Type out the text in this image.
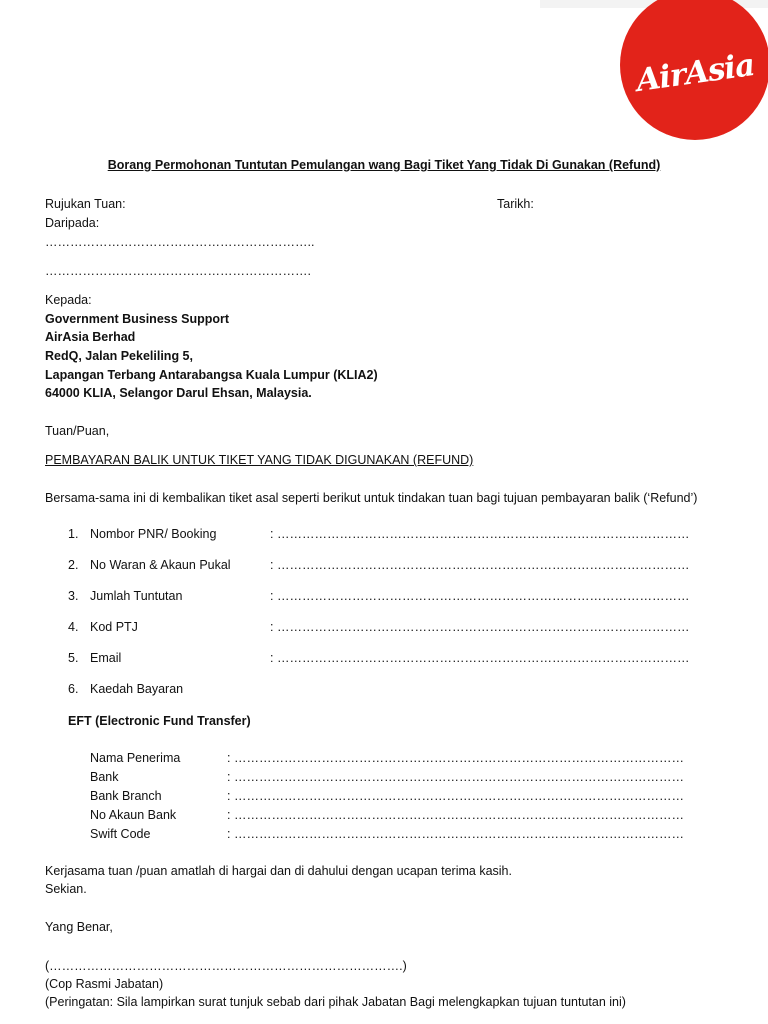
AirAsia
Borang Permohonan Tuntutan Pemulangan wang Bagi Tiket Yang Tidak Di Gunakan (Refund)
Rujukan Tuan:	Tarikh:
Daripada:
………………………………………………………..
……………………………………………………….
Kepada:
Government Business Support
AirAsia Berhad
RedQ, Jalan Pekeliling 5,
Lapangan Terbang Antarabangsa Kuala Lumpur (KLIA2)
64000 KLIA, Selangor Darul Ehsan, Malaysia.
Tuan/Puan,
PEMBAYARAN BALIK UNTUK TIKET YANG TIDAK DIGUNAKAN (REFUND)
Bersama-sama ini di kembalikan tiket asal seperti berikut untuk tindakan tuan bagi tujuan pembayaran balik (‘Refund’)
1. Nombor PNR/ Booking	: ………………………………………………………………………………………
2. No Waran & Akaun Pukal	: ………………………………………………………………………………………
3. Jumlah Tuntutan	: ………………………………………………………………………………………
4. Kod PTJ	: ………………………………………………………………………………………
5. Email	: ………………………………………………………………………………………
6. Kaedah Bayaran
EFT (Electronic Fund Transfer)
Nama Penerima	: ………………………………………………………………………………………………
Bank	: ………………………………………………………………………………………………
Bank Branch	: ………………………………………………………………………………………………
No Akaun Bank	: ………………………………………………………………………………………………
Swift Code	: ………………………………………………………………………………………………
Kerjasama tuan /puan amatlah di hargai dan di dahului dengan ucapan terima kasih.
Sekian.
Yang Benar,
(………………………………………………………………………….)
(Cop Rasmi Jabatan)
(Peringatan: Sila lampirkan surat tunjuk sebab dari pihak Jabatan Bagi melengkapkan tujuan tuntutan ini)
